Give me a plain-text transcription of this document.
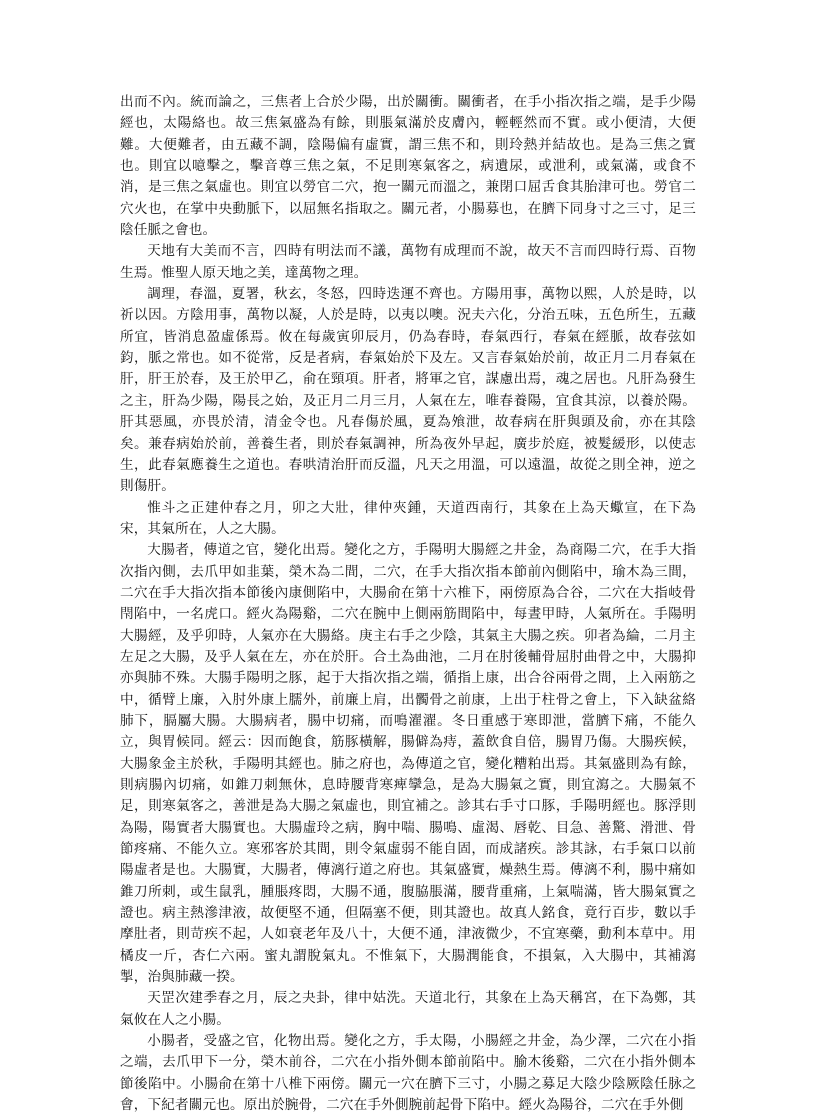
出而不內。統而論之，三焦者上合於少陽，出於關衝。關衝者，在手小指次指之端，是手少陽經也，太陽絡也。故三焦氣盛為有餘，則脹氣滿於皮膚內，輕輕然而不實。或小便清，大便難。大便難者，由五藏不調，陰陽偏有虛實，謂三焦不和，則玲熱并結故也。是為三焦之實也。則宜以噫擊之，擊音尊三焦之氣，不足則寒氣客之，病遺尿，或泄利，或氣滿，或食不消，是三焦之氣虛也。則宜以勞官二穴，抱一關元而溫之，兼閉口屈舌食其胎津可也。勞官二穴火也，在掌中央動脈下，以屈無名指取之。關元者，小腸募也，在臍下同身寸之三寸，足三陰任脈之會也。

天地有大美而不言，四時有明法而不議，萬物有成理而不說，故天不言而四時行焉、百物生焉。惟聖人原天地之美，達萬物之理。

調理，春溫，夏署，秋玄，冬怒，四時迭運不齊也。方陽用事，萬物以熙，人於是時，以祈以因。方陰用事，萬物以凝，人於是時，以夷以噢。況夫六化，分治五味，五色所生，五藏所宜，皆消息盈虛係焉。攸在每歲寅卯辰月，仍為春時，春氣西行，春氣在經脈，故春弦如鈞，脈之常也。如不從常，反是者病，春氣始於下及左。又言春氣始於前，故正月二月春氣在肝，肝王於春，及王於甲乙，俞在頸項。肝者，將軍之官，謀慮出焉，魂之居也。凡肝為發生之主，肝為少陽，陽長之始，及正月二月三月，人氣在左，唯春養陽，宜食其涼，以養於陽。肝其惡風，亦畏於清，清金令也。凡春傷於風，夏為飧泄，故春病在肝與頭及俞，亦在其陰矣。兼春病始於前，善養生者，則於春氣調神，所為夜外早起，廣步於庭，被髮緩形，以使志生，此春氣應養生之道也。春哄清治肝而反溫，凡天之用溫，可以遠溫，故從之則全神，逆之則傷肝。

惟斗之正建仲春之月，卯之大壯，律仲夾鍾，天道西南行，其象在上為天蠍宣，在下為宋，其氣所在，人之大腸。

大腸者，傳道之官，變化出焉。變化之方，手陽明大腸經之井金，為商陽二穴，在手大指次指內側，去爪甲如韭葉，榮木為二間，二穴，在手大指次指本節前內側陷中，瑜木為三間，二穴在手大指次指本節後內康側陷中，大腸俞在第十六椎下，兩傍原為合谷，二穴在大指岐骨閇陷中，一名虎口。經火為陽谿，二穴在腕中上側兩筋間陷中，每晝甲時，人氣所在。手陽明大腸經，及乎卯時，人氣亦在大腸絡。庚主右手之少陰，其氣主大腸之疾。卯者為綸，二月主左足之大腸，及乎人氣在左，亦在於肝。合土為曲池，二月在肘後輔骨屈肘曲骨之中，大腸抑亦與肺不殊。大腸手陽明之豚，起于大指次指之端，循指上康，出合谷兩骨之間，上入兩筋之中，循臂上廉，入肘外康上臑外，前廉上肩，出髑骨之前康，上出于柱骨之會上，下入缺盆絡肺下，膈屬大腸。大腸病者，腸中切痛，而鳴濯濯。冬日重感于寒即泄，當臍下痛，不能久立，與胃候同。經云：因而飽食，筋豚橫解，腸僻為痔，蓋飲食自倍，腸胃乃傷。大腸疾候，大腸象金主於秋，手陽明其經也。肺之府也，為傳道之官，變化糟粕出焉。其氣盛則為有餘，則病腸內切痛，如錐刀刺無休，息時腰背寒痺攣急，是為大腸氣之實，則宜瀉之。大腸氣不足，則寒氣客之，善泄是為大腸之氣虛也，則宜補之。診其右手寸口豚，手陽明經也。豚浮則為陽，陽實者大腸實也。大腸虛玲之病，胸中喘、腸鳴、虛渴、唇乾、目急、善驚、滑泄、骨節疼痛、不能久立。寒邪客於其間，則令氣虛弱不能自固，而成諸疾。診其詠，右手氣口以前陽虛者是也。大腸實，大腸者，傳漓行道之府也。其氣盛實，燥熱生焉。傳漓不利，腸中痛如錐刀所刺，或生鼠乳，腫脹疼悶，大腸不通，腹脇脹滿，腰背重痛，上氣喘滿，皆大腸氣實之證也。病主熱滲津液，故便堅不通，但隔塞不便，則其證也。故真人銘食，竟行百步，數以手摩肚者，則苛疾不起，人如衰老年及八十，大便不通，津液微少，不宜寒藥，動利本草中。用橘皮一斤，杏仁六兩。蜜丸謂脫氣丸。不惟氣下，大腸潤能食，不損氣，入大腸中，其補瀉掣，治與肺藏一揆。

天罡次建季春之月，辰之夬卦，律中姑洗。天道北行，其象在上為天稱宮，在下為鄭，其氣攸在人之小腸。

小腸者，受盛之官，化物出焉。變化之方，手太陽，小腸經之井金，為少澤，二穴在小指之端，去爪甲下一分，榮木前谷，二穴在小指外側本節前陷中。腧木後谿，二穴在小指外側本節後陷中。小腸俞在第十八椎下兩傍。關元一穴在臍下三寸，小腸之募足大陰少陰厥陰任脉之會，下紀者關元也。原出於腕骨，二穴在手外側腕前起骨下陷中。經火為陽谷，二穴在手外側
